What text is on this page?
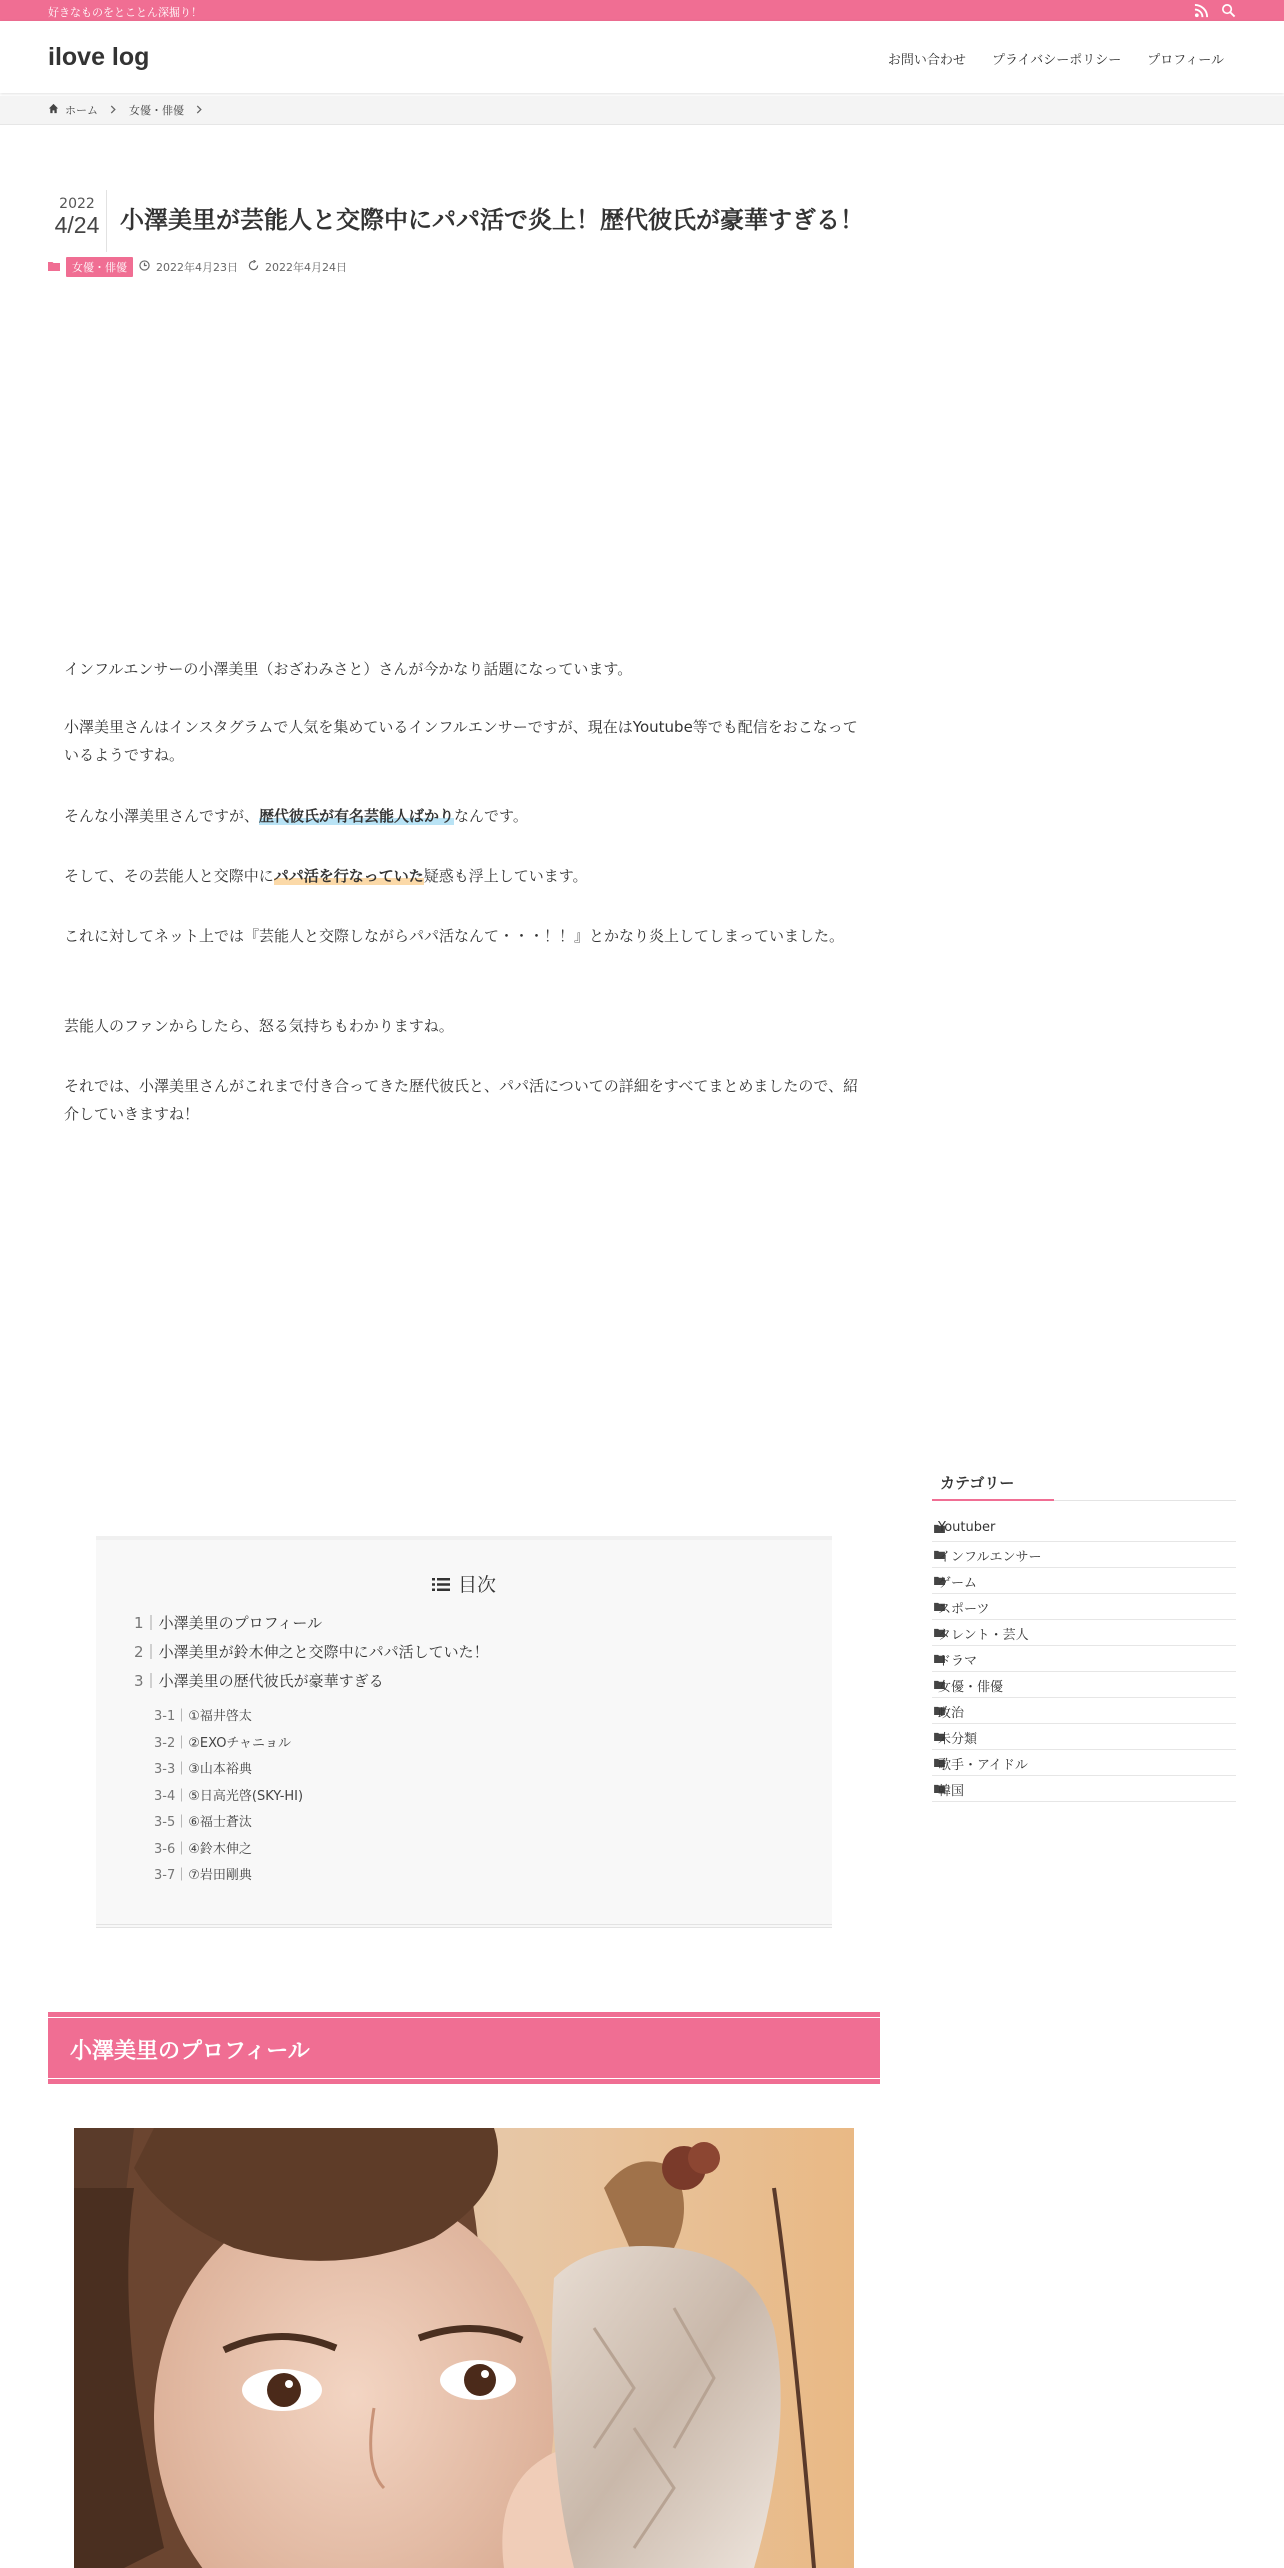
好きなものをとことん深掘り！
ilove log	お問い合わせ プライバシーポリシー プロフィール
ホーム	女優・俳優
2022
4/24 小澤美里が芸能人と交際中にパパ活で炎上！歴代彼氏が豪華すぎる！
女優・俳優	2022年4月23日 2022年4月24日

インフルエンサーの小澤美里（おざわみさと）さんが今かなり話題になっています。

小澤美里さんはインスタグラムで人気を集めているインフルエンサーですが、現在はYoutube等でも配信をおこなっているようですね。

そんな小澤美里さんですが、歴代彼氏が有名芸能人ばかりなんです。

そして、その芸能人と交際中にパパ活を行なっていた疑惑も浮上しています。

これに対してネット上では『芸能人と交際しながらパパ活なんて・・・！！』とかなり炎上してしまっていました。

芸能人のファンからしたら、怒る気持ちもわかりますね。

それでは、小澤美里さんがこれまで付き合ってきた歴代彼氏と、パパ活についての詳細をすべてまとめましたので、紹介していきますね！

目次
1｜小澤美里のプロフィール
2｜小澤美里が鈴木伸之と交際中にパパ活していた！
3｜小澤美里の歴代彼氏が豪華すぎる
3-1｜①福井啓太
3-2｜②EXOチャニョル
3-3｜③山本裕典
3-4｜⑤日高光啓(SKY-HI)
3-5｜⑥福士蒼汰
3-6｜④鈴木伸之
3-7｜⑦岩田剛典
小澤美里のプロフィール
カテゴリー
Youtuber
インフルエンサー
ゲーム
スポーツ
タレント・芸人
ドラマ
女優・俳優
政治
未分類
歌手・アイドル
韓国
